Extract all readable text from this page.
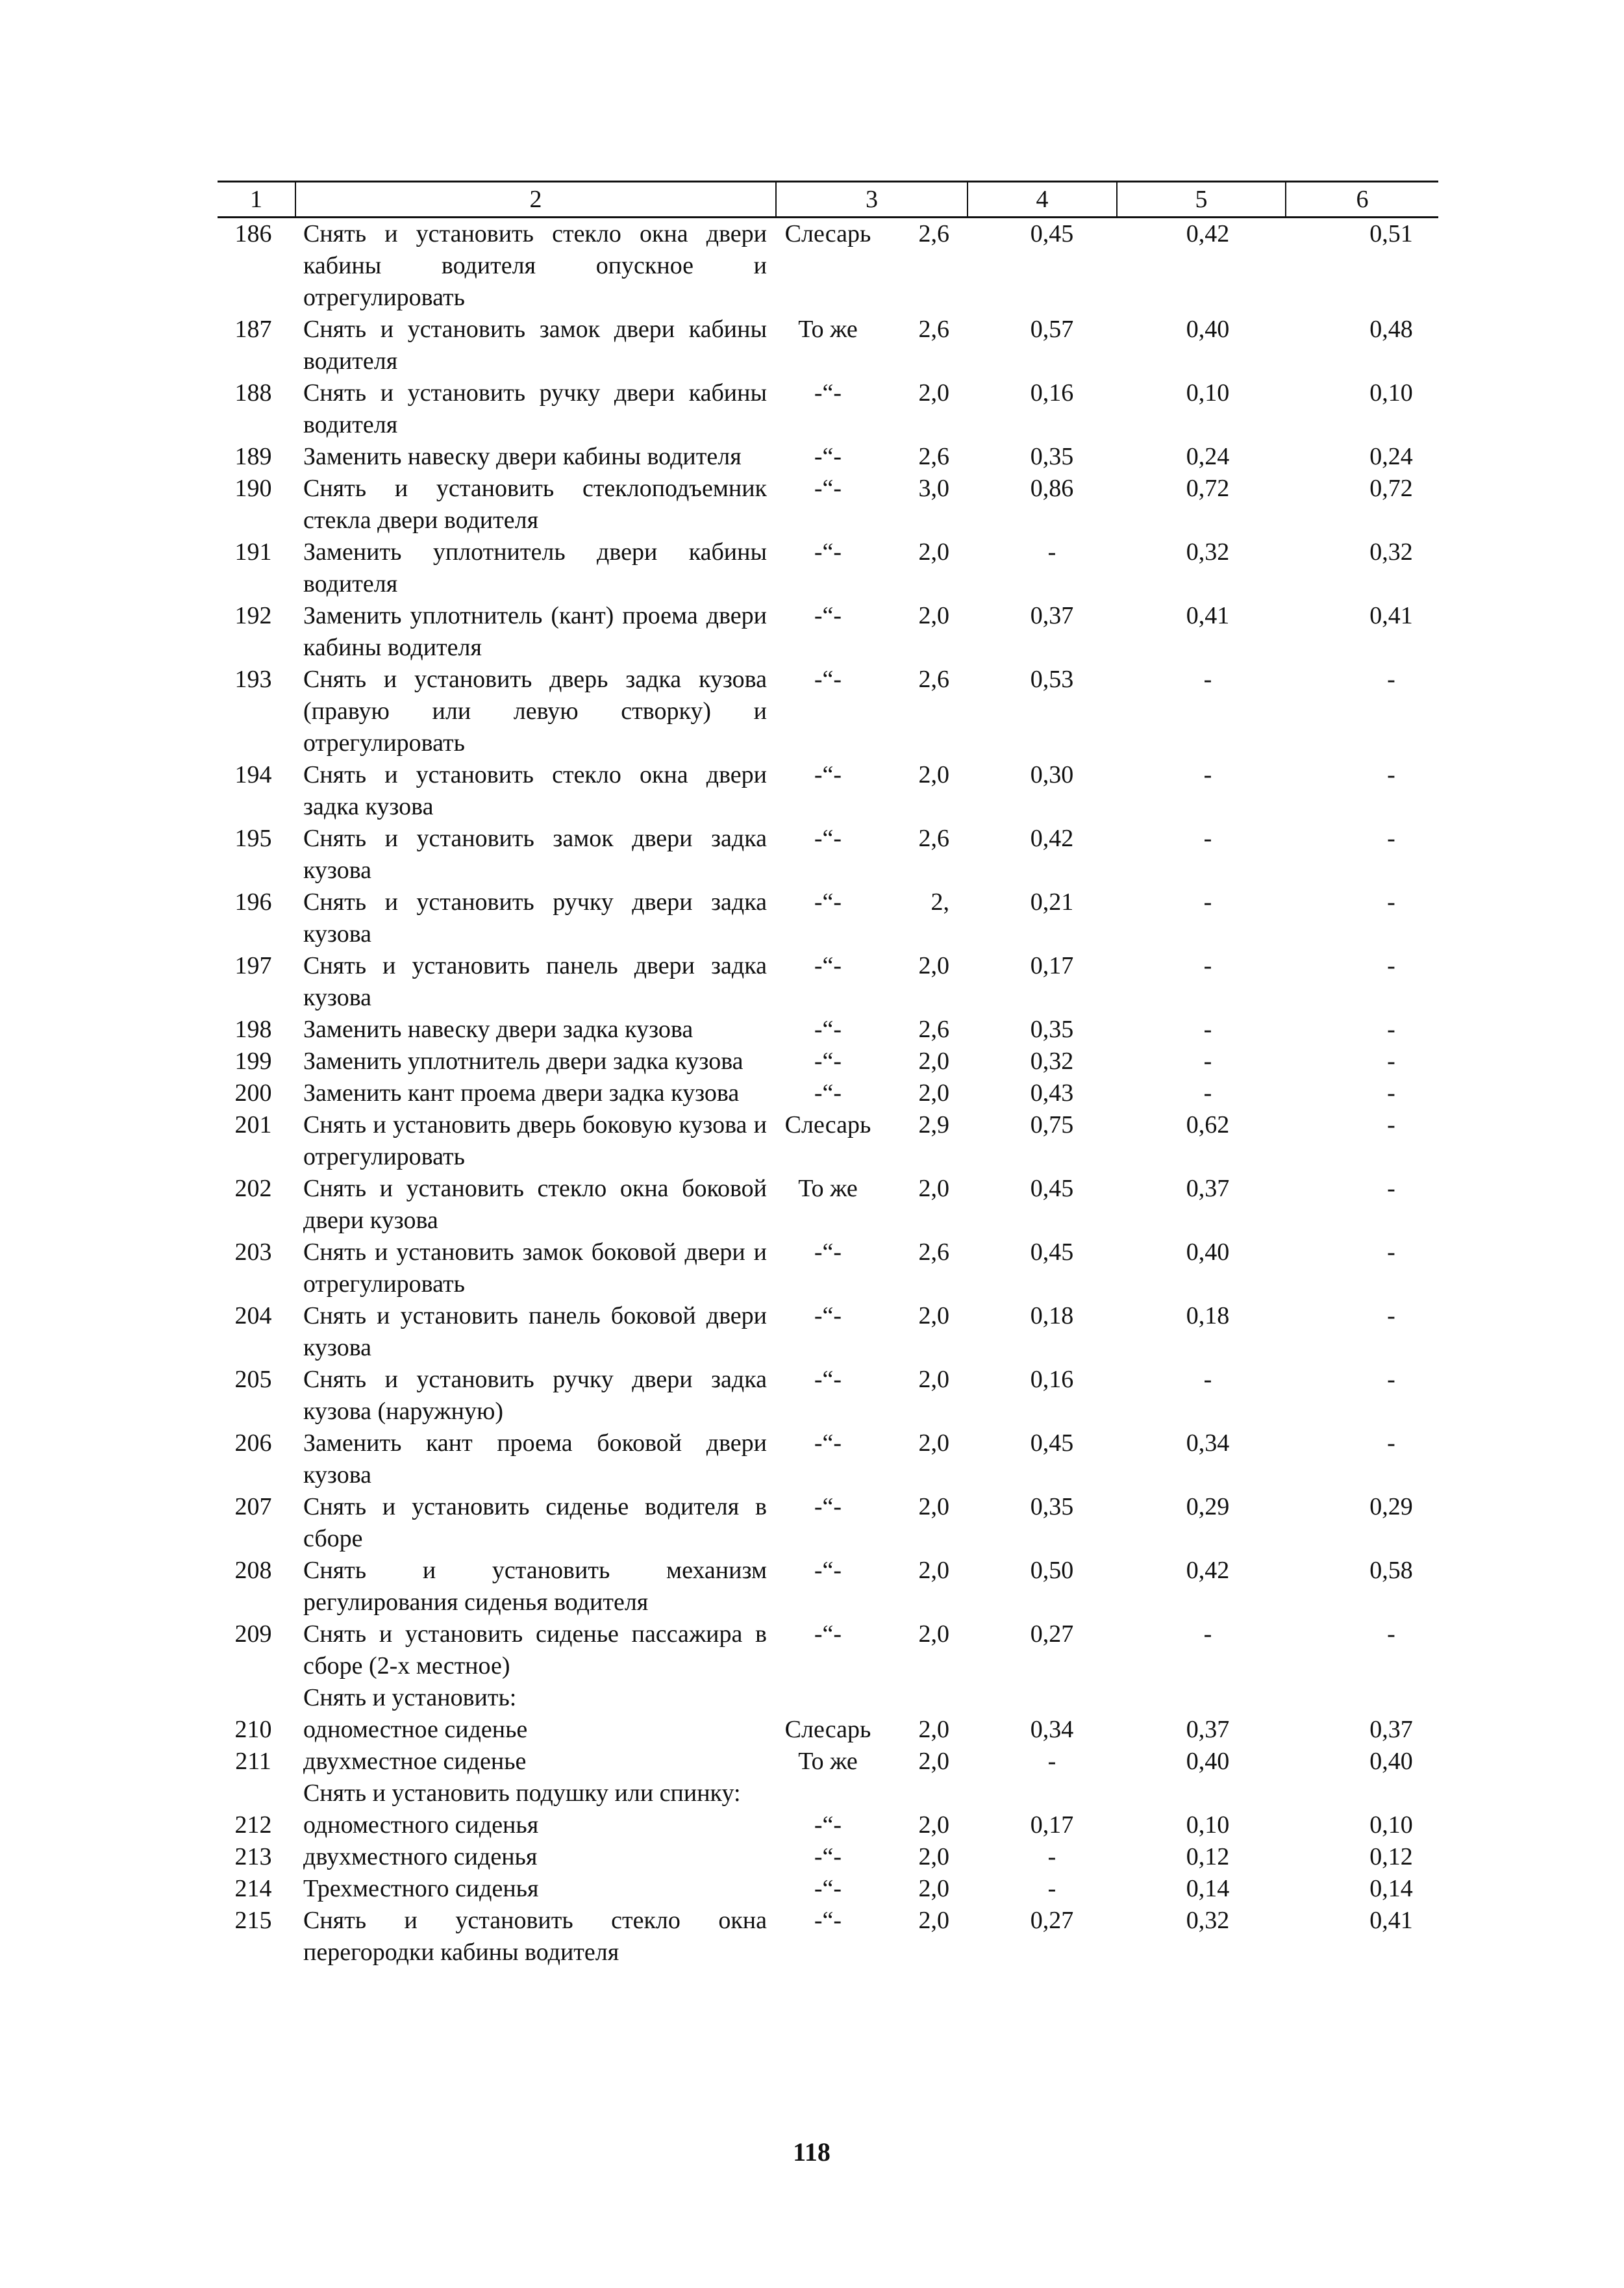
1	2	3		4	5	6
186	Снять и установить стекло окна двери кабины водителя опускное и отрегулировать	Слесарь	2,6	0,45	0,42	0,51
187	Снять и установить замок двери кабины водителя	То же	2,6	0,57	0,40	0,48
188	Снять и установить ручку двери кабины водителя	-“-	2,0	0,16	0,10	0,10
189	Заменить навеску двери кабины водителя	-“-	2,6	0,35	0,24	0,24
190	Снять и установить стеклоподъемник стекла двери водителя	-“-	3,0	0,86	0,72	0,72
191	Заменить уплотнитель двери кабины водителя	-“-	2,0	-	0,32	0,32
192	Заменить уплотнитель (кант) проема двери кабины водителя	-“-	2,0	0,37	0,41	0,41
193	Снять и установить дверь задка кузова (правую или левую створку) и отрегулировать	-“-	2,6	0,53	-	-
194	Снять и установить стекло окна двери задка кузова	-“-	2,0	0,30	-	-
195	Снять и установить замок двери задка кузова	-“-	2,6	0,42	-	-
196	Снять и установить ручку двери задка кузова	-“-	2,	0,21	-	-
197	Снять и установить панель двери задка кузова	-“-	2,0	0,17	-	-
198	Заменить навеску двери задка кузова	-“-	2,6	0,35	-	-
199	Заменить уплотнитель двери задка кузова	-“-	2,0	0,32	-	-
200	Заменить кант проема двери задка кузова	-“-	2,0	0,43	-	-
201	Снять и установить дверь боковую кузова и отрегулировать	Слесарь	2,9	0,75	0,62	-
202	Снять и установить стекло окна боковой двери кузова	То же	2,0	0,45	0,37	-
203	Снять и установить замок боковой двери и отрегулировать	-“-	2,6	0,45	0,40	-
204	Снять и установить панель боковой двери кузова	-“-	2,0	0,18	0,18	-
205	Снять и установить ручку двери задка кузова (наружную)	-“-	2,0	0,16	-	-
206	Заменить кант проема боковой двери кузова	-“-	2,0	0,45	0,34	-
207	Снять и установить сиденье водителя в сборе	-“-	2,0	0,35	0,29	0,29
208	Снять и установить механизм регулирования сиденья водителя	-“-	2,0	0,50	0,42	0,58
209	Снять и установить сиденье пассажира в сборе (2-х местное)	-“-	2,0	0,27	-	-
	Снять и установить:					
210	одноместное сиденье	Слесарь	2,0	0,34	0,37	0,37
211	двухместное сиденье	То же	2,0	-	0,40	0,40
	Снять и установить подушку или спинку:					
212	одноместного сиденья	-“-	2,0	0,17	0,10	0,10
213	двухместного сиденья	-“-	2,0	-	0,12	0,12
214	Трехместного сиденья	-“-	2,0	-	0,14	0,14
215	Снять и установить стекло окна перегородки кабины водителя	-“-	2,0	0,27	0,32	0,41
118
